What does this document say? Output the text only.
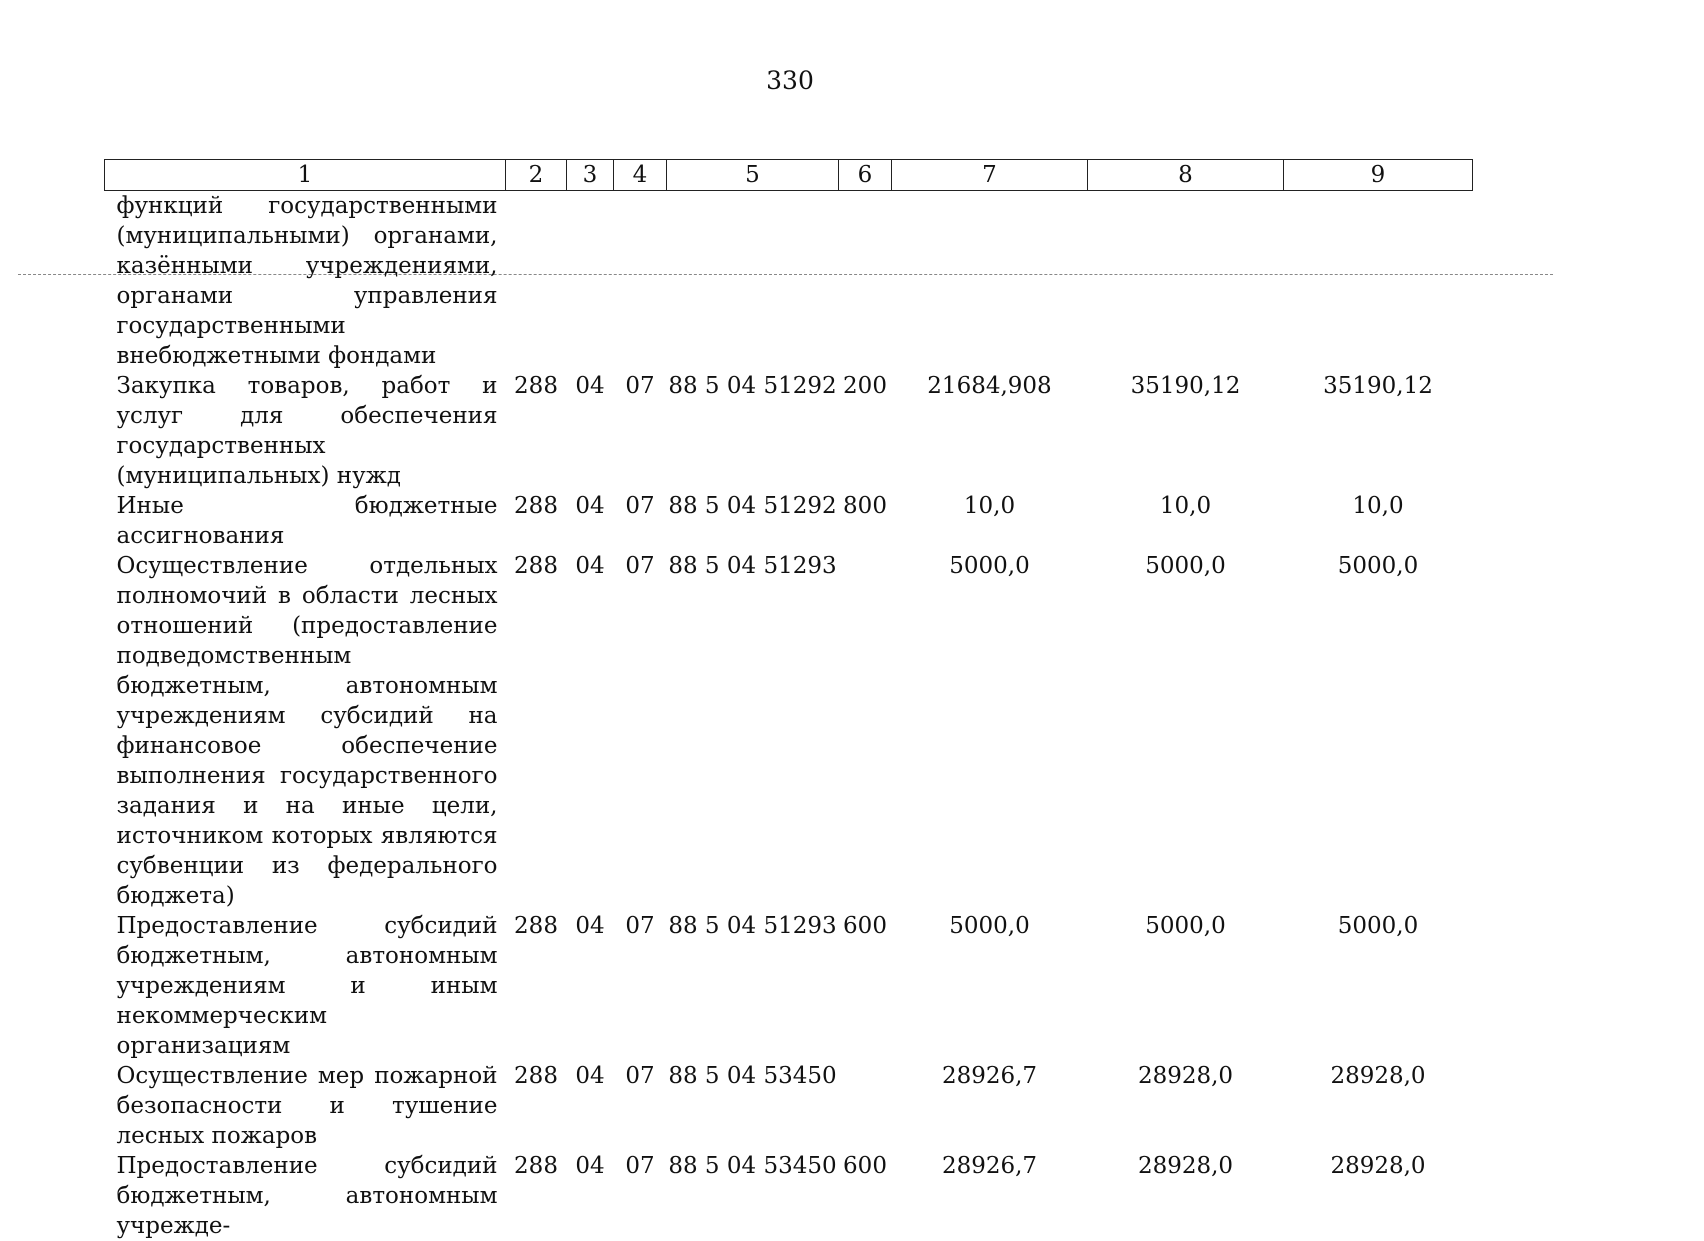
330
1	2	3	4	5	6	7	8	9
функций государственными (муниципальными) органами, казёнными учреждениями, органами управления государственными внебюджетными фондами								
Закупка товаров, работ и услуг для обеспечения государственных (муниципальных) нужд	288	04	07	88 5 04 51292	200	21684,908	35190,12	35190,12
Иные бюджетные ассигнования	288	04	07	88 5 04 51292	800	10,0	10,0	10,0
Осуществление отдельных полномочий в области лесных отношений (предоставление подведомственным бюджетным, автономным учреждениям субсидий на финансовое обеспечение выполнения государственного задания и на иные цели, источником которых являются субвенции из федерального бюджета)	288	04	07	88 5 04 51293		5000,0	5000,0	5000,0
Предоставление субсидий бюджетным, автономным учреждениям и иным некоммерческим организациям	288	04	07	88 5 04 51293	600	5000,0	5000,0	5000,0
Осуществление мер пожарной безопасности и тушение лесных пожаров	288	04	07	88 5 04 53450		28926,7	28928,0	28928,0
Предоставление субсидий бюджетным, автономным учрежде-	288	04	07	88 5 04 53450	600	28926,7	28928,0	28928,0
